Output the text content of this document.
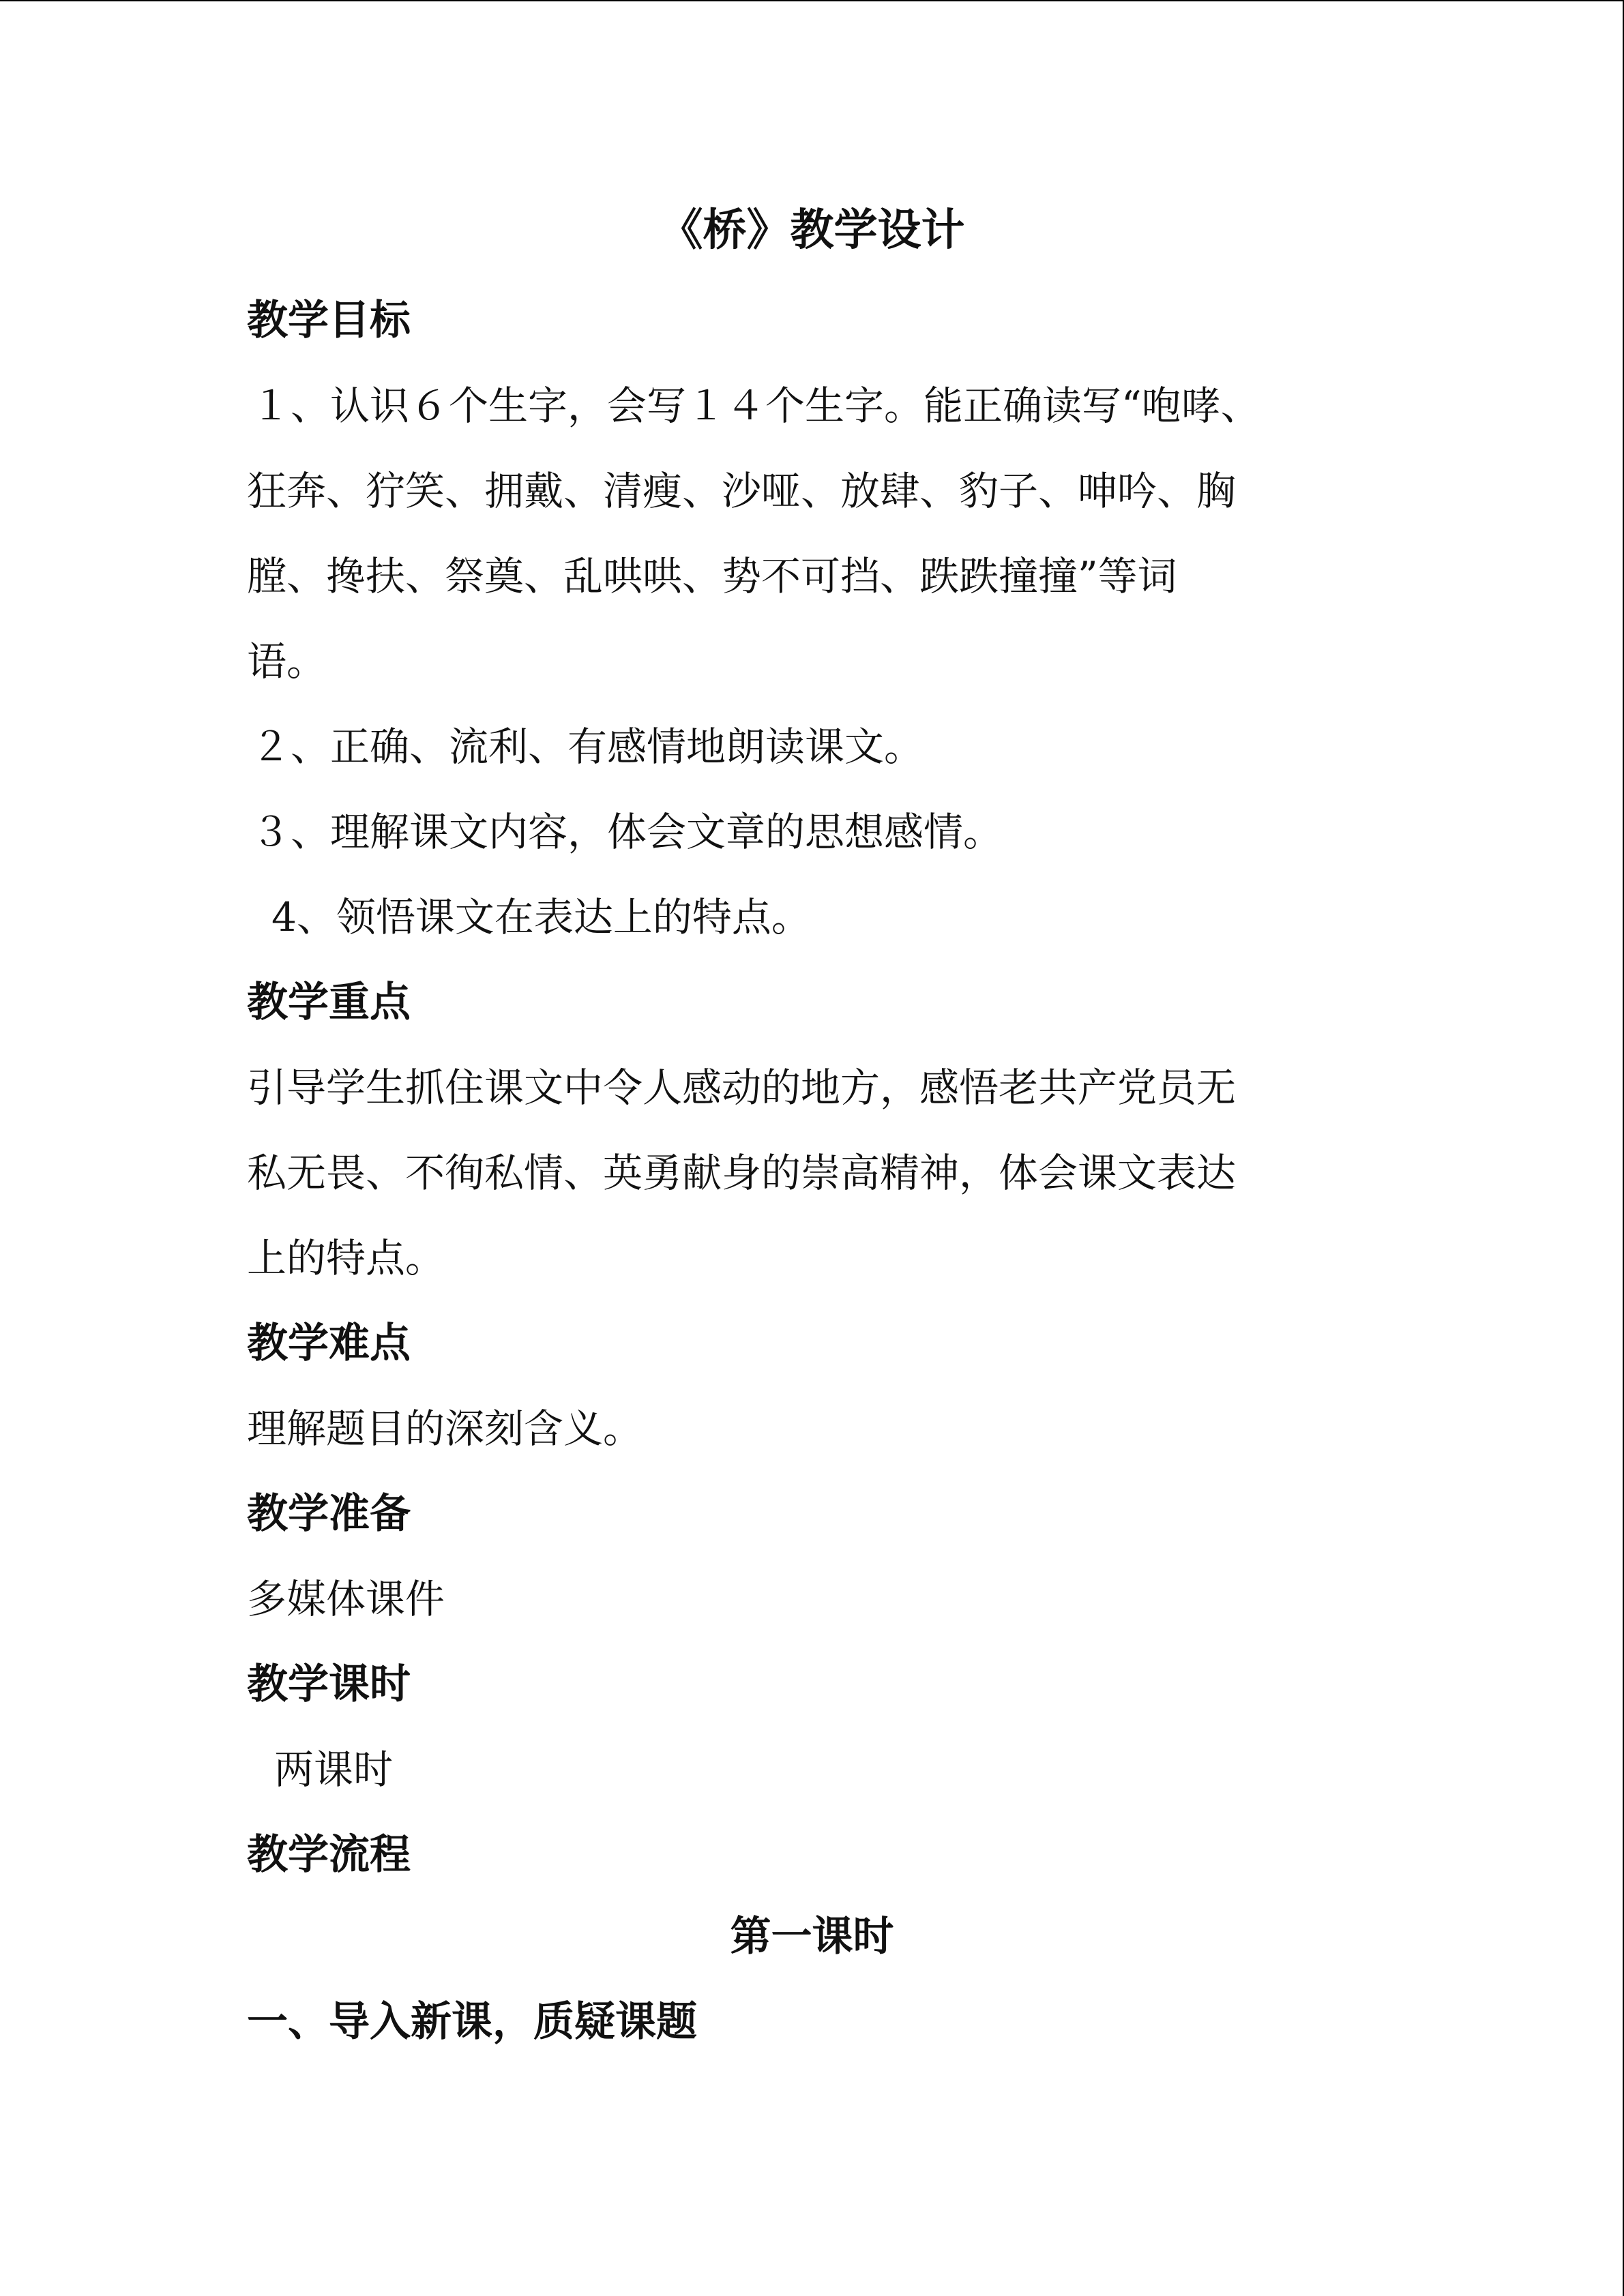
《桥》教学设计
教学目标
１、认识６个生字，会写１４个生字。能正确读写“咆哮、
狂奔、狞笑、拥戴、清瘦、沙哑、放肆、豹子、呻吟、胸
膛、搀扶、祭奠、乱哄哄、势不可挡、跌跌撞撞”等词
语。
２、正确、流利、有感情地朗读课文。
３、理解课文内容，体会文章的思想感情。
4、领悟课文在表达上的特点。
教学重点
引导学生抓住课文中令人感动的地方，感悟老共产党员无
私无畏、不徇私情、英勇献身的崇高精神，体会课文表达
上的特点。
教学难点
理解题目的深刻含义。
教学准备
多媒体课件
教学课时
两课时
教学流程
第一课时
一、导入新课，质疑课题
